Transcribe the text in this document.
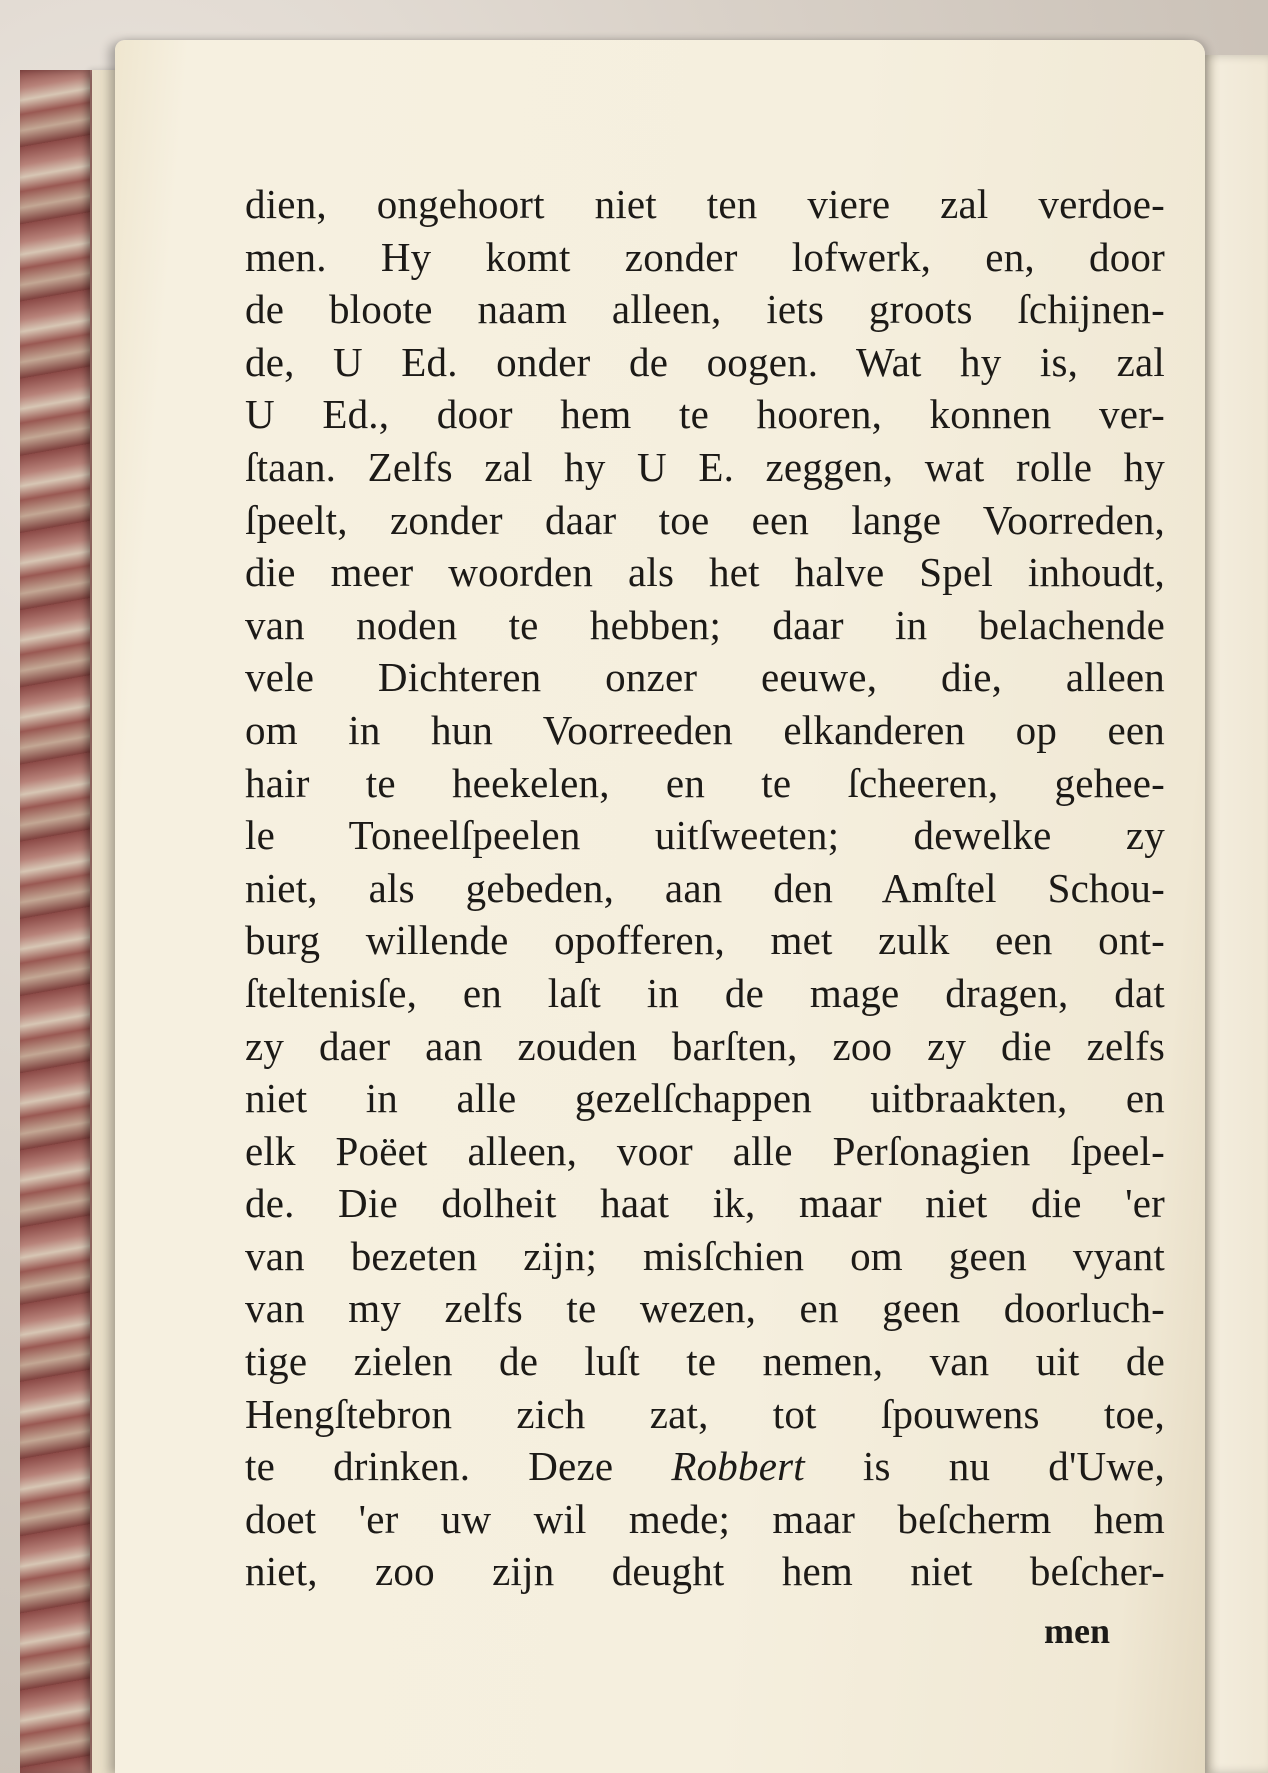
dien, ongehoort niet ten viere zal verdoe-
men. Hy komt zonder lofwerk, en, door
de bloote naam alleen, iets groots ſchijnen-
de, U Ed. onder de oogen. Wat hy is, zal
U Ed., door hem te hooren, konnen ver-
ſtaan. Zelfs zal hy U E. zeggen, wat rolle hy
ſpeelt, zonder daar toe een lange Voorreden,
die meer woorden als het halve Spel inhoudt,
van noden te hebben; daar in belachende
vele Dichteren onzer eeuwe, die, alleen
om in hun Voorreeden elkanderen op een
hair te heekelen, en te ſcheeren, gehee-
le Toneelſpeelen uitſweeten; dewelke zy
niet, als gebeden, aan den Amſtel Schou-
burg willende opofferen, met zulk een ont-
ſteltenisſe, en laſt in de mage dragen, dat
zy daer aan zouden barſten, zoo zy die zelfs
niet in alle gezelſchappen uitbraakten, en
elk Poëet alleen, voor alle Perſonagien ſpeel-
de. Die dolheit haat ik, maar niet die 'er
van bezeten zijn; misſchien om geen vyant
van my zelfs te wezen, en geen doorluch-
tige zielen de luſt te nemen, van uit de
Hengſtebron zich zat, tot ſpouwens toe,
te drinken. Deze Robbert is nu d'Uwe,
doet 'er uw wil mede; maar beſcherm hem
niet, zoo zijn deught hem niet beſcher-
men
